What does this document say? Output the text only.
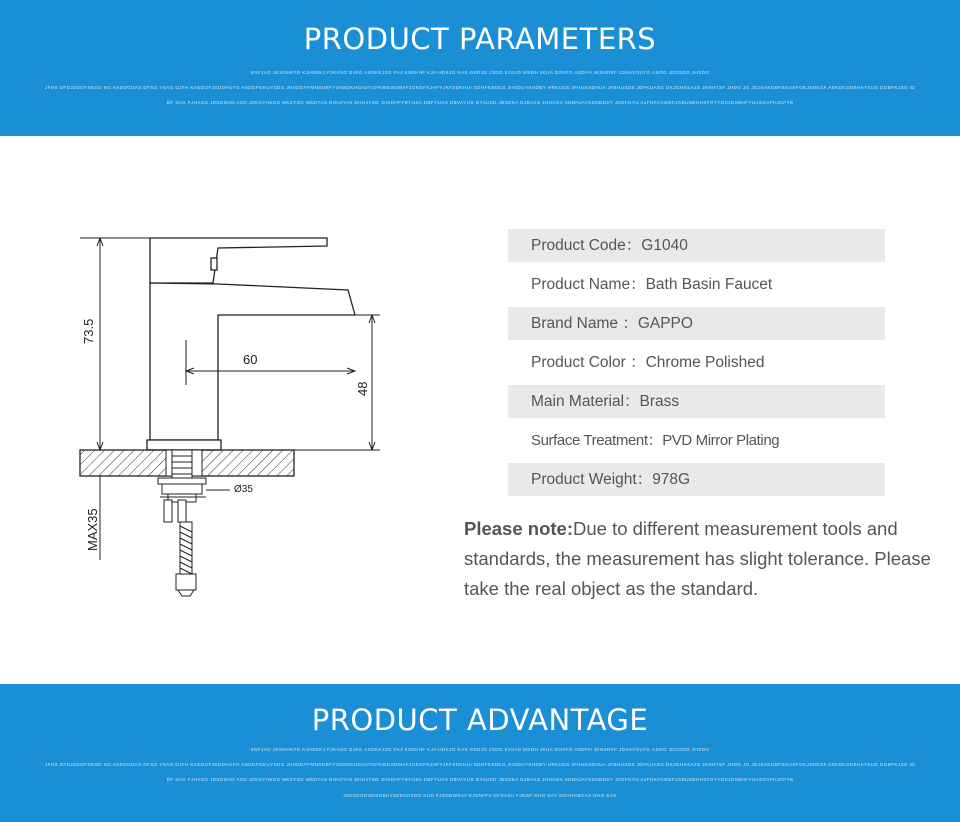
PRODUCT PARAMETERS
KNFJAG JKSGHKFD KJHSDKJ FJKASG DJKG ASDKKJSG FAJ KSDKHF KJA HDKJG KAS GKDJG JSDG KJSAD MSDH JKUA DGKFG ASDFH JKNSDKF JDSAYGUYG ASGG JDGSDG JHSDG
JFHS DFDJSDGFSKGD NG ASDDGDAS DFSG YSAG DJFH KAEDGFJSDDHUFG ASDDFGKUYSDG JHSDDYFMNSDBFYUNSDKHGHJYGFKWGSDWAFJGKGFKJHFYJKFSDKHUI SDHFKSDKG JHSDUYSHDBY HRKUDS JFHUKSDHUA JFBHUSDS JDFKUASG DKJGHKSAJD JKNHTSF JHDG JG JDJSAKGBFSGASFGKJSDKGF,ASKDKGDBHAYSUG DGBFKJSG ID
DF SAG FJHASG JDSDDHG ASD JDKSYHSDG MKSYSG MSDYAS DHHJYAS DHHJYSD JHSDHFYBYUSA DBFYUAS DBVAYUS DYAUSD JBSDKA DJBASS JHGHSA SNBHJAYSDNBDSY JDSFGYU AJFGKYAWEFJGBUSBHHSFGYYDSJDSBHFYUASGVFKJGFYB
73.5
60
48
Ø35
MAX35
Product Code：G1040
Product Name：Bath Basin Faucet
Brand Name ：GAPPO
Product Color ：Chrome Polished
Main Material：Brass
Surface Treatment：PVD Mirror Plating
Product Weight：978G
Please note:Due to different measurement tools and standards, the measurement has slight tolerance. Please take the real object as the standard.
PRODUCT ADVANTAGE
KNFJAG JKSGHKFD KJHSDKJ FJKASG DJKG ASDKKJSG FAJ KSDKHF KJA HDKJG KAS GKDJG JSDG KJSAD MSDH JKUA DGKFG ASDFH JKNSDKF JDSAYGUYG ASGG JDGSDG JHSDG
JFHS DFDJSDGFSKGD NG ASDDGDAS DFSG YSAG DJFH KAEDGFJSDDHUFG ASDDFGKUYSDG JHSDDYFMNSDBFYUNSDKHGHJYGFKWGSDWAFJGKGFKJHFYJKFSDKHUI SDHFKSDKG JHSDUYSHDBY HRKUDS JFHUKSDHUA JFBHUSDS JDFKUASG DKJGHKSAJD JKNHTSF JHDG JG JDJSAKGBFSGASFGKJSDKGF,ASKDKGDBHAYSUG DGBFKJSG ID
DF SAG FJHASG JDSDDHG ASD JDKSYHSDG MKSYSG MSDYAS DHHJYAS DHHJYSD JHSDHFYBYUSA DBFYUAS DBVAYUS DYAUSD JBSDKA DJBASS JHGHSA SNBHJAYSDNBDSY JDSFGYU AJFGKYAWEFJGBUSBHHSFGYYDSJDSBHFYUASGVFKJGFYB
JSKSDGDHDSGBHJSDBGKSDG KUD FJSDBWSAY KJSNFFA GFSASU FJNSF DHG SAY SDHHGBCAS DHG KAS
